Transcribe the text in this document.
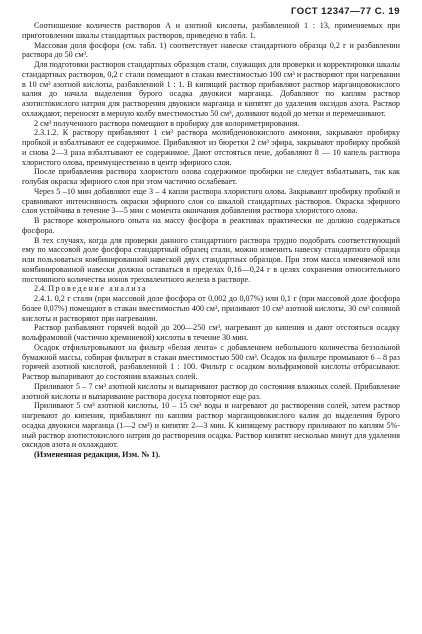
ГОСТ 12347—77 С. 19

Соотношение количеств растворов А и азотной кислоты, разбавленной 1 : 13, применяемых при приготовлении шкалы стандартных растворов, приведено в табл. 1.

Массовая доля фосфора (см. табл. 1) соответствует навеске стандартного образца 0,2 г и разбавлении раствора до 50 см³.

Для подготовки растворов стандартных образцов стали, служащих для проверки и корректировки шкалы стандартных растворов, 0,2 г стали помещают в стакан вместимостью 100 см³ и растворяют при нагревании в 10 см³ азотной кислоты, разбавленной 1 : 1. В кипящий раствор прибавляют раствор марганцовокислого калия до начала выделения бурого осадка двуокиси марганца. Добавляют по каплям раствор азотистокислого натрия для растворения двуокиси марганца и кипятят до удаления оксидов азота. Раствор охлаждают, переносят в мерную колбу вместимостью 50 см³, доливают водой до метки и перемешивают.

2 см³ полученного раствора помещают в пробирку для колориметрирования.

2.3.1.2. К раствору прибавляют 1 см³ раствора молибденовокислого аммония, закрывают пробирку пробкой и взбалтывают ее содержимое. Прибавляют из бюретки 2 см³ эфира, закрывают пробирку пробкой и снова 2—3 раза взбалтывают ее содержимое. Дают отстояться пене, добавляют 8 — 10 капель раствора хлористого олова, преимущественно в центр эфирного слоя.

После прибавления раствора хлористого олова содержимое пробирки не следует взбалтывать, так как голубая окраска эфирного слоя при этом частично ослабевает.

Через 5 –10 мин добавляют еще 3 – 4 капли раствора хлористого олова. Закрывают пробирку пробкой и сравнивают интенсивность окраски эфирного слоя со шкалой стандартных растворов. Окраска эфирного слоя устойчива в течение 3—5 мин с момента окончания добавления раствора хлористого олова.

В растворе контрольного опыта на массу фосфора в реактивах практически не должно содержаться фосфора.

В тех случаях, когда для проверки данного стандартного раствора трудно подобрать соответствующий ему по массовой доле фосфора стандартный образец стали, можно изменить навеску стандартного образца или пользоваться комбинированной навеской двух стандартных образцов. При этом масса изменяемой или комбинированной навески должна оставаться в пределах 0,16—0,24 г в целях сохранения относительного постоянного количества ионов трехвалентного железа в растворе.

2.4. Проведение анализа

2.4.1. 0,2 г стали (при массовой доле фосфора от 0,002 до 0,07%) или 0,1 г (при массовой доле фосфора более 0,07%) помещают в стакан вместимостью 400 см³, приливают 10 см³ азотной кислоты, 30 см³ соляной кислоты и растворяют при нагревании.

Раствор разбавляют горячей водой до 200—250 см³, нагревают до кипения и дают отстояться осадку вольфрамовой (частично кремниевой) кислоты в течение 30 мин.

Осадок отфильтровывают на фильтр «белая лента» с добавлением небольшого количества беззольной бумажной массы, собирая фильтрат в стакан вместимостью 500 см³. Осадок на фильтре промывают 6 – 8 раз горячей азотной кислотой, разбавленной 1 : 100. Фильтр с осадком вольфрамовой кислоты отбрасывают. Раствор выпаривают до состояния влажных солей.

Приливают 5 – 7 см³ азотной кислоты и выпаривают раствор до состояния влажных солей. Прибавление азотной кислоты и выпаривание раствора досуха повторяют еще раз.

Приливают 5 см³ азотной кислоты, 10 – 15 см³ воды и нагревают до растворения солей, затем раствор нагревают до кипения, прибавляют по каплям раствор марганцовокислого калия до выделения бурого осадка двуокиси марганца (1—2 см³) и кипятят 2—3 мин. К кипящему раствору приливают по каплям 5%-ный раствор азотистокислого натрия до растворения осадка. Раствор кипятят несколько минут для удаления оксидов азота и охлаждают.

(Измененная редакция, Изм. № 1).
